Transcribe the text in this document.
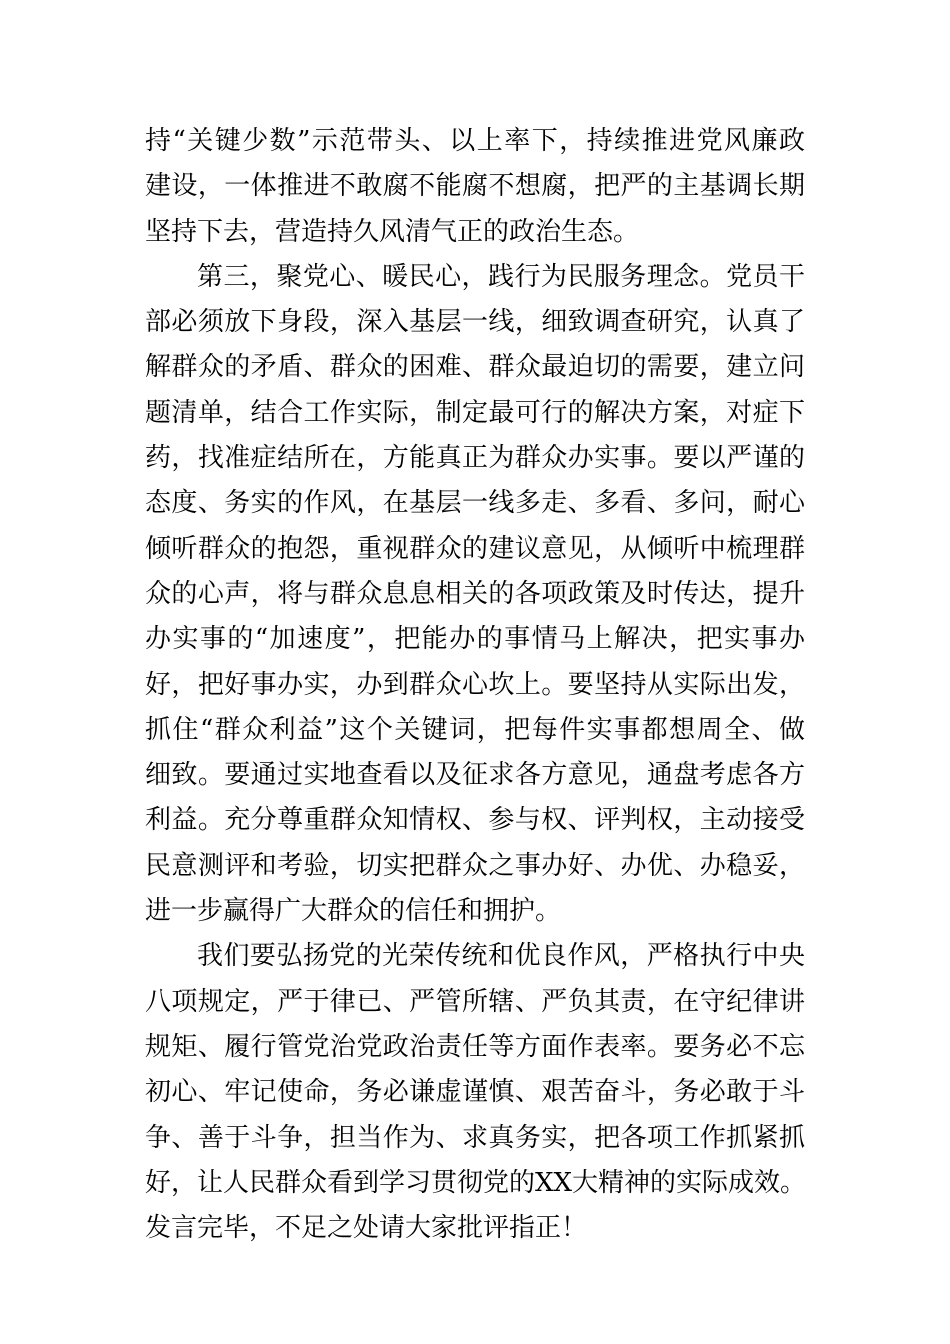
持“关键少数”示范带头、以上率下，持续推进党风廉政
建设，一体推进不敢腐不能腐不想腐，把严的主基调长期
坚持下去，营造持久风清气正的政治生态。
第三，聚党心、暖民心，践行为民服务理念。党员干
部必须放下身段，深入基层一线，细致调查研究，认真了
解群众的矛盾、群众的困难、群众最迫切的需要，建立问
题清单，结合工作实际，制定最可行的解决方案，对症下
药，找准症结所在，方能真正为群众办实事。要以严谨的
态度、务实的作风，在基层一线多走、多看、多问，耐心
倾听群众的抱怨，重视群众的建议意见，从倾听中梳理群
众的心声，将与群众息息相关的各项政策及时传达，提升
办实事的“加速度”，把能办的事情马上解决，把实事办
好，把好事办实，办到群众心坎上。要坚持从实际出发，
抓住“群众利益”这个关键词，把每件实事都想周全、做
细致。要通过实地查看以及征求各方意见，通盘考虑各方
利益。充分尊重群众知情权、参与权、评判权，主动接受
民意测评和考验，切实把群众之事办好、办优、办稳妥，
进一步赢得广大群众的信任和拥护。
我们要弘扬党的光荣传统和优良作风，严格执行中央
八项规定，严于律已、严管所辖、严负其责，在守纪律讲
规矩、履行管党治党政治责任等方面作表率。要务必不忘
初心、牢记使命，务必谦虚谨慎、艰苦奋斗，务必敢于斗
争、善于斗争，担当作为、求真务实，把各项工作抓紧抓
好，让人民群众看到学习贯彻党的XX大精神的实际成效。
发言完毕，不足之处请大家批评指正！
